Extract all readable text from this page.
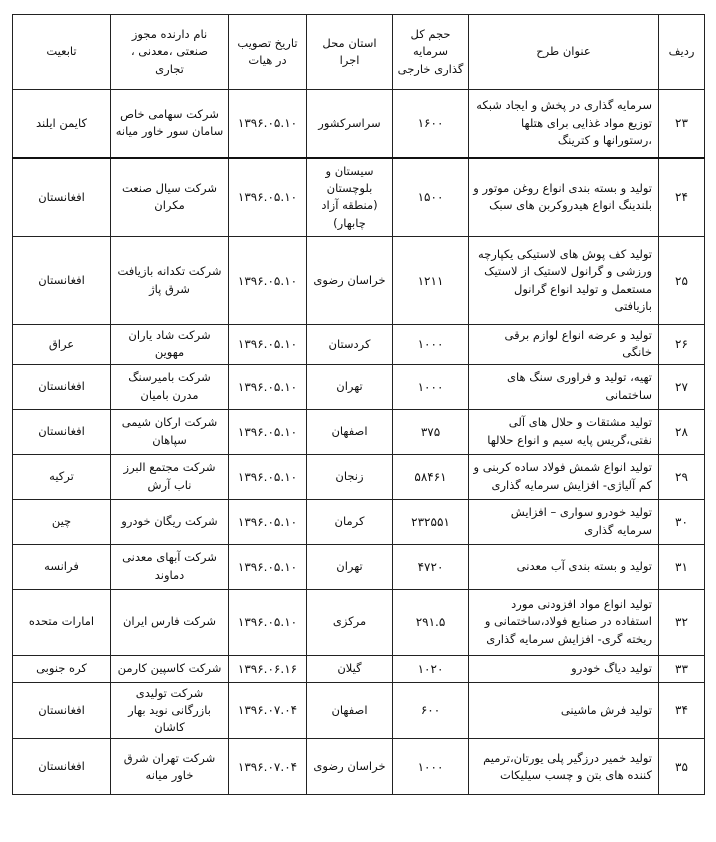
ردیف	عنوان طرح	حجم کل سرمایه گذاری خارجی	استان محل اجرا	تاریخ تصویب در هیات	نام دارنده مجوز صنعتی ،معدنی ، تجاری	تابعیت
۲۳	سرمایه گذاری در پخش و ایجاد شبکه توزیع مواد غذایی برای هتلها ،رستورانها و کترینگ	۱۶۰۰	سراسرکشور	۱۳۹۶.۰۵.۱۰	شرکت سهامی خاص سامان سور خاور میانه	کایمن ایلند
۲۴	تولید و بسته بندی انواع روغن موتور و بلندینگ انواع هیدروکربن های سبک	۱۵۰۰	سیستان و بلوچستان (منطقه آزاد چابهار)	۱۳۹۶.۰۵.۱۰	شرکت سیال صنعت مکران	افغانستان
۲۵	تولید کف پوش های لاستیکی یکپارچه ورزشی و گرانول لاستیک از لاستیک مستعمل و تولید انواع گرانول بازیافتی	۱۲۱۱	خراسان رضوی	۱۳۹۶.۰۵.۱۰	شرکت تکدانه بازیافت شرق پاژ	افغانستان
۲۶	تولید و عرضه انواع لوازم برقی خانگی	۱۰۰۰	کردستان	۱۳۹۶.۰۵.۱۰	شرکت شاد یاران مهوین	عراق
۲۷	تهیه، تولید و فراوری سنگ های ساختمانی	۱۰۰۰	تهران	۱۳۹۶.۰۵.۱۰	شرکت بامیرسنگ مدرن بامیان	افغانستان
۲۸	تولید مشتقات و حلال های آلی نفتی،گریس پایه سیم و انواع حلالها	۳۷۵	اصفهان	۱۳۹۶.۰۵.۱۰	شرکت ارکان شیمی سپاهان	افغانستان
۲۹	تولید انواع شمش فولاد ساده کربنی و کم آلیاژی- افزایش سرمایه گذاری	۵۸۴۶۱	زنجان	۱۳۹۶.۰۵.۱۰	شرکت مجتمع البرز ناب آرش	ترکیه
۳۰	تولید خودرو سواری – افزایش سرمایه گذاری	۲۳۲۵۵۱	کرمان	۱۳۹۶.۰۵.۱۰	شرکت ریگان خودرو	چین
۳۱	تولید و بسته بندی آب معدنی	۴۷۲۰	تهران	۱۳۹۶.۰۵.۱۰	شرکت آبهای معدنی دماوند	فرانسه
۳۲	تولید انواع مواد افزودنی مورد استفاده در صنایع فولاد،ساختمانی و ریخته گری- افزایش سرمایه گذاری	۲۹۱.۵	مرکزی	۱۳۹۶.۰۵.۱۰	شرکت فارس ایران	امارات متحده
۳۳	تولید دیاگ خودرو	۱۰۲۰	گیلان	۱۳۹۶.۰۶.۱۶	شرکت کاسپین کارمن	کره جنوبی
۳۴	تولید فرش ماشینی	۶۰۰	اصفهان	۱۳۹۶.۰۷.۰۴	شرکت تولیدی بازرگانی نوید بهار کاشان	افغانستان
۳۵	تولید خمیر درزگیر پلی یورتان،ترمیم کننده های بتن و چسب سیلیکات	۱۰۰۰	خراسان رضوی	۱۳۹۶.۰۷.۰۴	شرکت تهران شرق خاور میانه	افغانستان
